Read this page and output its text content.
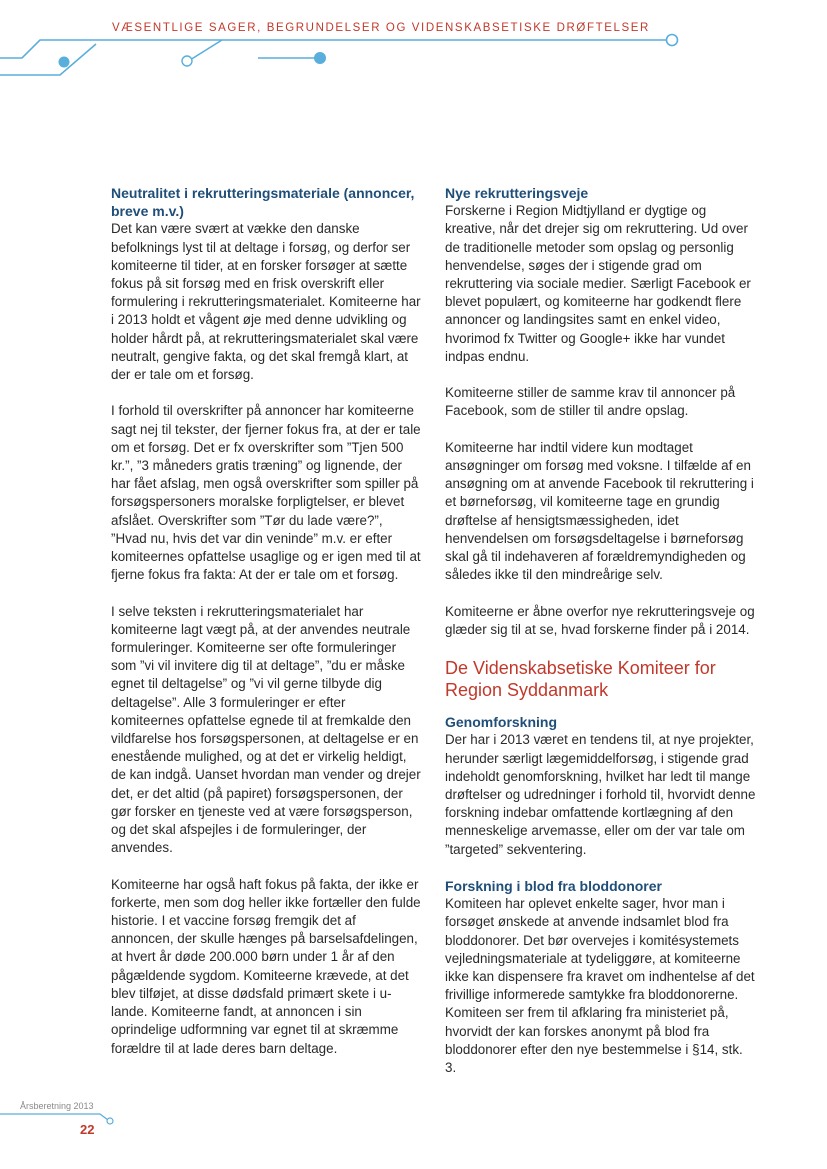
VÆSENTLIGE SAGER, BEGRUNDELSER OG VIDENSKABSETISKE DRØFTELSER
Neutralitet i rekrutteringsmateriale (annoncer, breve m.v.)

Det kan være svært at vække den danske befolknings lyst til at deltage i forsøg, og derfor ser komiteerne til tider, at en forsker forsøger at sætte fokus på sit forsøg med en frisk overskrift eller formulering i rekrutteringsmaterialet. Komiteerne har i 2013 holdt et vågent øje med denne udvikling og holder hårdt på, at rekrutteringsmaterialet skal være neutralt, gengive fakta, og det skal fremgå klart, at der er tale om et forsøg.

I forhold til overskrifter på annoncer har komiteerne sagt nej til tekster, der fjerner fokus fra, at der er tale om et forsøg. Det er fx overskrifter som ”Tjen 500 kr.”, ”3 måneders gratis træning” og lignende, der har fået afslag, men også overskrifter som spiller på forsøgspersoners moralske forpligtelser, er blevet afslået. Overskrifter som ”Tør du lade være?”, ”Hvad nu, hvis det var din veninde” m.v. er efter komiteernes opfattelse usaglige og er igen med til at fjerne fokus fra fakta: At der er tale om et forsøg.

I selve teksten i rekrutteringsmaterialet har komiteerne lagt vægt på, at der anvendes neutrale formuleringer. Komiteerne ser ofte formuleringer som ”vi vil invitere dig til at deltage”, ”du er måske egnet til deltagelse” og ”vi vil gerne tilbyde dig deltagelse”. Alle 3 formuleringer er efter komiteernes opfattelse egnede til at fremkalde den vildfarelse hos forsøgspersonen, at deltagelse er en enestående mulighed, og at det er virkelig heldigt, de kan indgå. Uanset hvordan man vender og drejer det, er det altid (på papiret) forsøgspersonen, der gør forsker en tjeneste ved at være forsøgsperson, og det skal afspejles i de formuleringer, der anvendes.

Komiteerne har også haft fokus på fakta, der ikke er forkerte, men som dog heller ikke fortæller den fulde historie. I et vaccine forsøg fremgik det af annoncen, der skulle hænges på barselsafdelingen, at hvert år døde 200.000 børn under 1 år af den pågældende sygdom. Komiteerne krævede, at det blev tilføjet, at disse dødsfald primært skete i u-lande. Komiteerne fandt, at annoncen i sin oprindelige udformning var egnet til at skræmme forældre til at lade deres barn deltage.

Nye rekrutteringsveje

Forskerne i Region Midtjylland er dygtige og kreative, når det drejer sig om rekruttering. Ud over de traditionelle metoder som opslag og personlig henvendelse, søges der i stigende grad om rekruttering via sociale medier. Særligt Facebook er blevet populært, og komiteerne har godkendt flere annoncer og landingsites samt en enkel video, hvorimod fx Twitter og Google+ ikke har vundet indpas endnu.

Komiteerne stiller de samme krav til annoncer på Facebook, som de stiller til andre opslag.

Komiteerne har indtil videre kun modtaget ansøgninger om forsøg med voksne. I tilfælde af en ansøgning om at anvende Facebook til rekruttering i et børneforsøg, vil komiteerne tage en grundig drøftelse af hensigtsmæssigheden, idet henvendelsen om forsøgsdeltagelse i børneforsøg skal gå til indehaveren af forældremyndigheden og således ikke til den mindreårige selv.

Komiteerne er åbne overfor nye rekrutteringsveje og glæder sig til at se, hvad forskerne finder på i 2014.

De Videnskabsetiske Komiteer for Region Syddanmark
Genomforskning

Der har i 2013 været en tendens til, at nye projekter, herunder særligt lægemiddelforsøg, i stigende grad indeholdt genomforskning, hvilket har ledt til mange drøftelser og udredninger i forhold til, hvorvidt denne forskning indebar omfattende kortlægning af den menneskelige arvemasse, eller om der var tale om ”targeted” sekventering.

Forskning i blod fra bloddonorer

Komiteen har oplevet enkelte sager, hvor man i forsøget ønskede at anvende indsamlet blod fra bloddonorer. Det bør overvejes i komitésystemets vejledningsmateriale at tydeliggøre, at komiteerne ikke kan dispensere fra kravet om indhentelse af det frivillige informerede samtykke fra bloddonorerne. Komiteen ser frem til afklaring fra ministeriet på, hvorvidt der kan forskes anonymt på blod fra bloddonorer efter den nye bestemmelse i §14, stk. 3.

Årsberetning 2013
22
